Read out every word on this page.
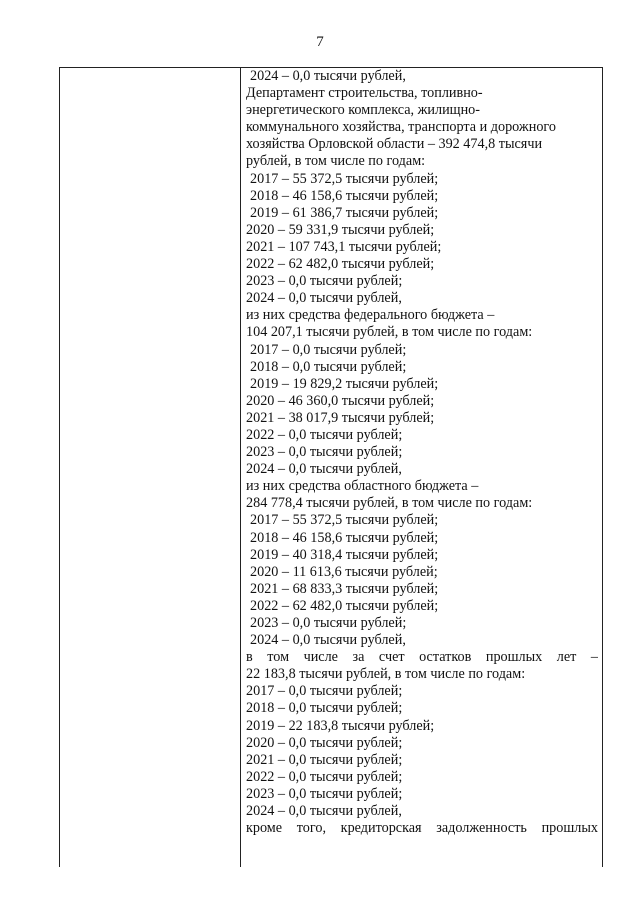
7
2024 – 0,0 тысячи рублей,
Департамент строительства, топливно-
энергетического комплекса, жилищно-
коммунального хозяйства, транспорта и дорожного
хозяйства Орловской области – 392 474,8 тысячи
рублей, в том числе по годам:
2017 – 55 372,5 тысячи рублей;
2018 – 46 158,6 тысячи рублей;
2019 – 61 386,7 тысячи рублей;
2020 – 59 331,9 тысячи рублей;
2021 – 107 743,1 тысячи рублей;
2022 – 62 482,0 тысячи рублей;
2023 – 0,0 тысячи рублей;
2024 – 0,0 тысячи рублей,
из них средства федерального бюджета –
104 207,1 тысячи рублей, в том числе по годам:
2017 – 0,0 тысячи рублей;
2018 – 0,0 тысячи рублей;
2019 – 19 829,2 тысячи рублей;
2020 – 46 360,0 тысячи рублей;
2021 – 38 017,9 тысячи рублей;
2022 – 0,0 тысячи рублей;
2023 – 0,0 тысячи рублей;
2024 – 0,0 тысячи рублей,
из них средства областного бюджета –
284 778,4 тысячи рублей, в том числе по годам:
2017 – 55 372,5 тысячи рублей;
2018 – 46 158,6 тысячи рублей;
2019 – 40 318,4 тысячи рублей;
2020 – 11 613,6 тысячи рублей;
2021 – 68 833,3 тысячи рублей;
2022 – 62 482,0 тысячи рублей;
2023 – 0,0 тысячи рублей;
2024 – 0,0 тысячи рублей,
в том числе за счет остатков прошлых лет –
22 183,8 тысячи рублей, в том числе по годам:
2017 – 0,0 тысячи рублей;
2018 – 0,0 тысячи рублей;
2019 – 22 183,8 тысячи рублей;
2020 – 0,0 тысячи рублей;
2021 – 0,0 тысячи рублей;
2022 – 0,0 тысячи рублей;
2023 – 0,0 тысячи рублей;
2024 – 0,0 тысячи рублей,
кроме того, кредиторская задолженность прошлых
